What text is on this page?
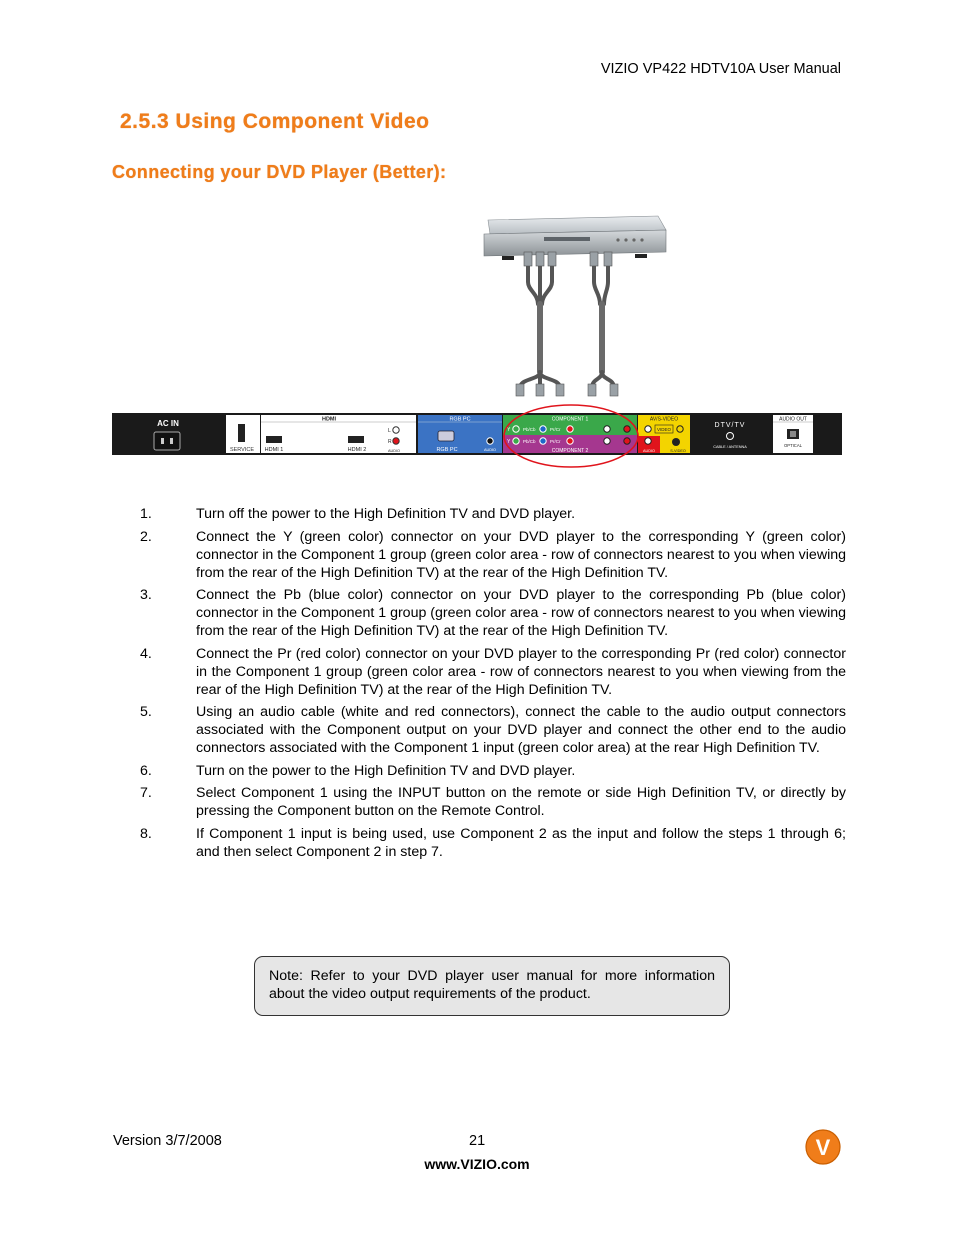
VIZIO VP422 HDTV10A User Manual
2.5.3 Using Component Video
Connecting your DVD Player (Better):
AC IN
SERVICE
HDMI
HDMI 1	HDMI 2
L
R
AUDIO
RGB PC
RGB PC	AUDIO
COMPONENT 1
COMPONENT 2
Y	Pb/Cb	Pr/Cr
Y	Pb/Cb	Pr/Cr
AV/S-VIDEO
VIDEO
AUDIO	S-VIDEO
DTV/TV
CABLE / ANTENNA
AUDIO OUT
OPTICAL
1.	Turn off the power to the High Definition TV and DVD player.
2.	Connect the Y (green color) connector on your DVD player to the corresponding Y (green color) connector in the Component 1 group (green color area - row of connectors nearest to you when viewing from the rear of the High Definition TV) at the rear of the High Definition TV.
3.	Connect the Pb (blue color) connector on your DVD player to the corresponding Pb (blue color) connector in the Component 1 group (green color area - row of connectors nearest to you when viewing from the rear of the High Definition TV) at the rear of the High Definition TV.
4.	Connect the Pr (red color) connector on your DVD player to the corresponding Pr (red color) connector in the Component 1 group (green color area - row of connectors nearest to you when viewing from the rear of the High Definition TV) at the rear of the High Definition TV.
5.	Using an audio cable (white and red connectors), connect the cable to the audio output connectors associated with the Component output on your DVD player and connect the other end to the audio connectors associated with the Component 1 input (green color area) at the rear High Definition TV.
6.	Turn on the power to the High Definition TV and DVD player.
7.	Select Component 1 using the INPUT button on the remote or side High Definition TV, or directly by pressing the Component button on the Remote Control.
8.	If Component 1 input is being used, use Component 2 as the input and follow the steps 1 through 6; and then select Component 2 in step 7.
Note: Refer to your DVD player user manual for more information about the video output requirements of the product.
Version 3/7/2008	21
www.VIZIO.com
V
